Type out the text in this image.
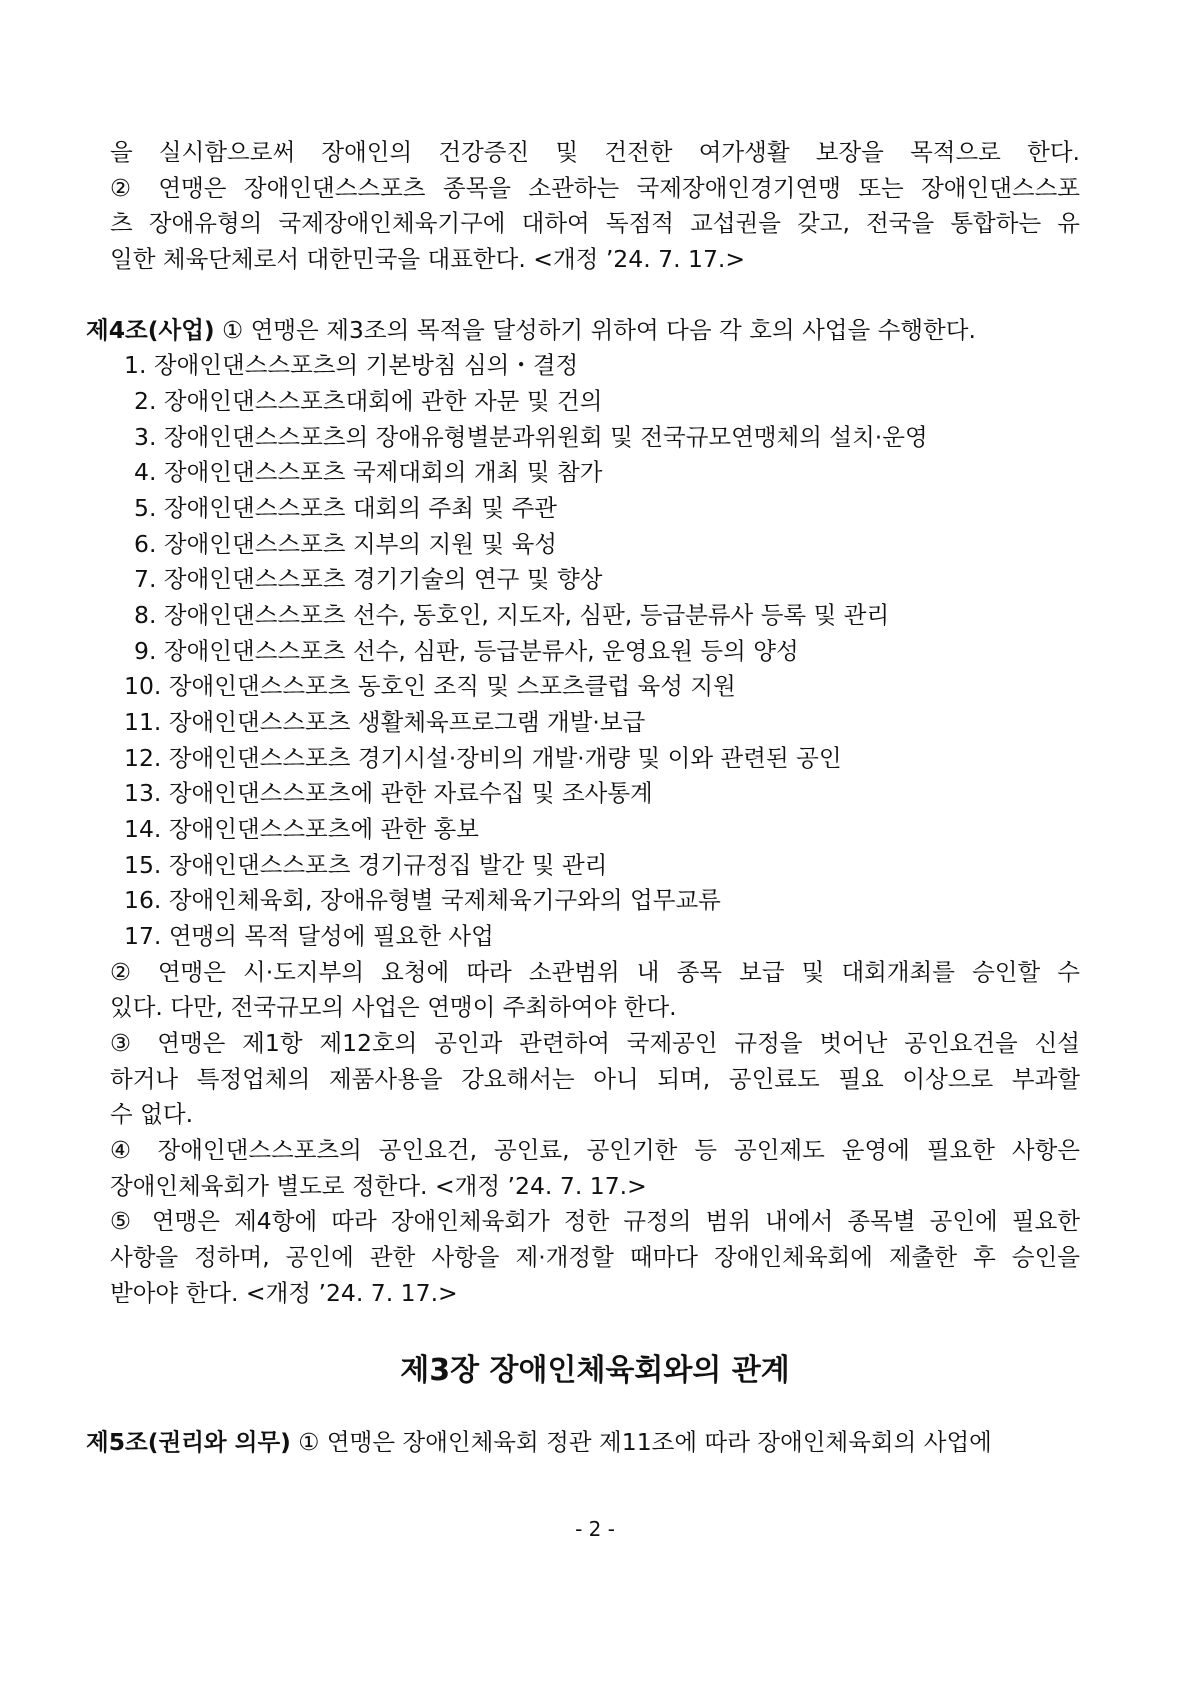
을 실시함으로써 장애인의 건강증진 및 건전한 여가생활 보장을 목적으로 한다.
② 연맹은 장애인댄스스포츠 종목을 소관하는 국제장애인경기연맹 또는 장애인댄스스포
츠 장애유형의 국제장애인체육기구에 대하여 독점적 교섭권을 갖고, 전국을 통합하는 유
일한 체육단체로서 대한민국을 대표한다. <개정 ’24. 7. 17.>
제4조(사업) ① 연맹은 제3조의 목적을 달성하기 위하여 다음 각 호의 사업을 수행한다.
1. 장애인댄스스포츠의 기본방침 심의・결정
2. 장애인댄스스포츠대회에 관한 자문 및 건의
3. 장애인댄스스포츠의 장애유형별분과위원회 및 전국규모연맹체의 설치·운영
4. 장애인댄스스포츠 국제대회의 개최 및 참가
5. 장애인댄스스포츠 대회의 주최 및 주관
6. 장애인댄스스포츠 지부의 지원 및 육성
7. 장애인댄스스포츠 경기기술의 연구 및 향상
8. 장애인댄스스포츠 선수, 동호인, 지도자, 심판, 등급분류사 등록 및 관리
9. 장애인댄스스포츠 선수, 심판, 등급분류사, 운영요원 등의 양성
10. 장애인댄스스포츠 동호인 조직 및 스포츠클럽 육성 지원
11. 장애인댄스스포츠 생활체육프로그램 개발·보급
12. 장애인댄스스포츠 경기시설·장비의 개발·개량 및 이와 관련된 공인
13. 장애인댄스스포츠에 관한 자료수집 및 조사통계
14. 장애인댄스스포츠에 관한 홍보
15. 장애인댄스스포츠 경기규정집 발간 및 관리
16. 장애인체육회, 장애유형별 국제체육기구와의 업무교류
17. 연맹의 목적 달성에 필요한 사업
② 연맹은 시·도지부의 요청에 따라 소관범위 내 종목 보급 및 대회개최를 승인할 수
있다. 다만, 전국규모의 사업은 연맹이 주최하여야 한다.
③ 연맹은 제1항 제12호의 공인과 관련하여 국제공인 규정을 벗어난 공인요건을 신설
하거나 특정업체의 제품사용을 강요해서는 아니 되며, 공인료도 필요 이상으로 부과할
수 없다.
④ 장애인댄스스포츠의 공인요건, 공인료, 공인기한 등 공인제도 운영에 필요한 사항은
장애인체육회가 별도로 정한다. <개정 ’24. 7. 17.>
⑤ 연맹은 제4항에 따라 장애인체육회가 정한 규정의 범위 내에서 종목별 공인에 필요한
사항을 정하며, 공인에 관한 사항을 제·개정할 때마다 장애인체육회에 제출한 후 승인을
받아야 한다. <개정 ’24. 7. 17.>
제3장 장애인체육회와의 관계
제5조(권리와 의무) ① 연맹은 장애인체육회 정관 제11조에 따라 장애인체육회의 사업에
- 2 -
